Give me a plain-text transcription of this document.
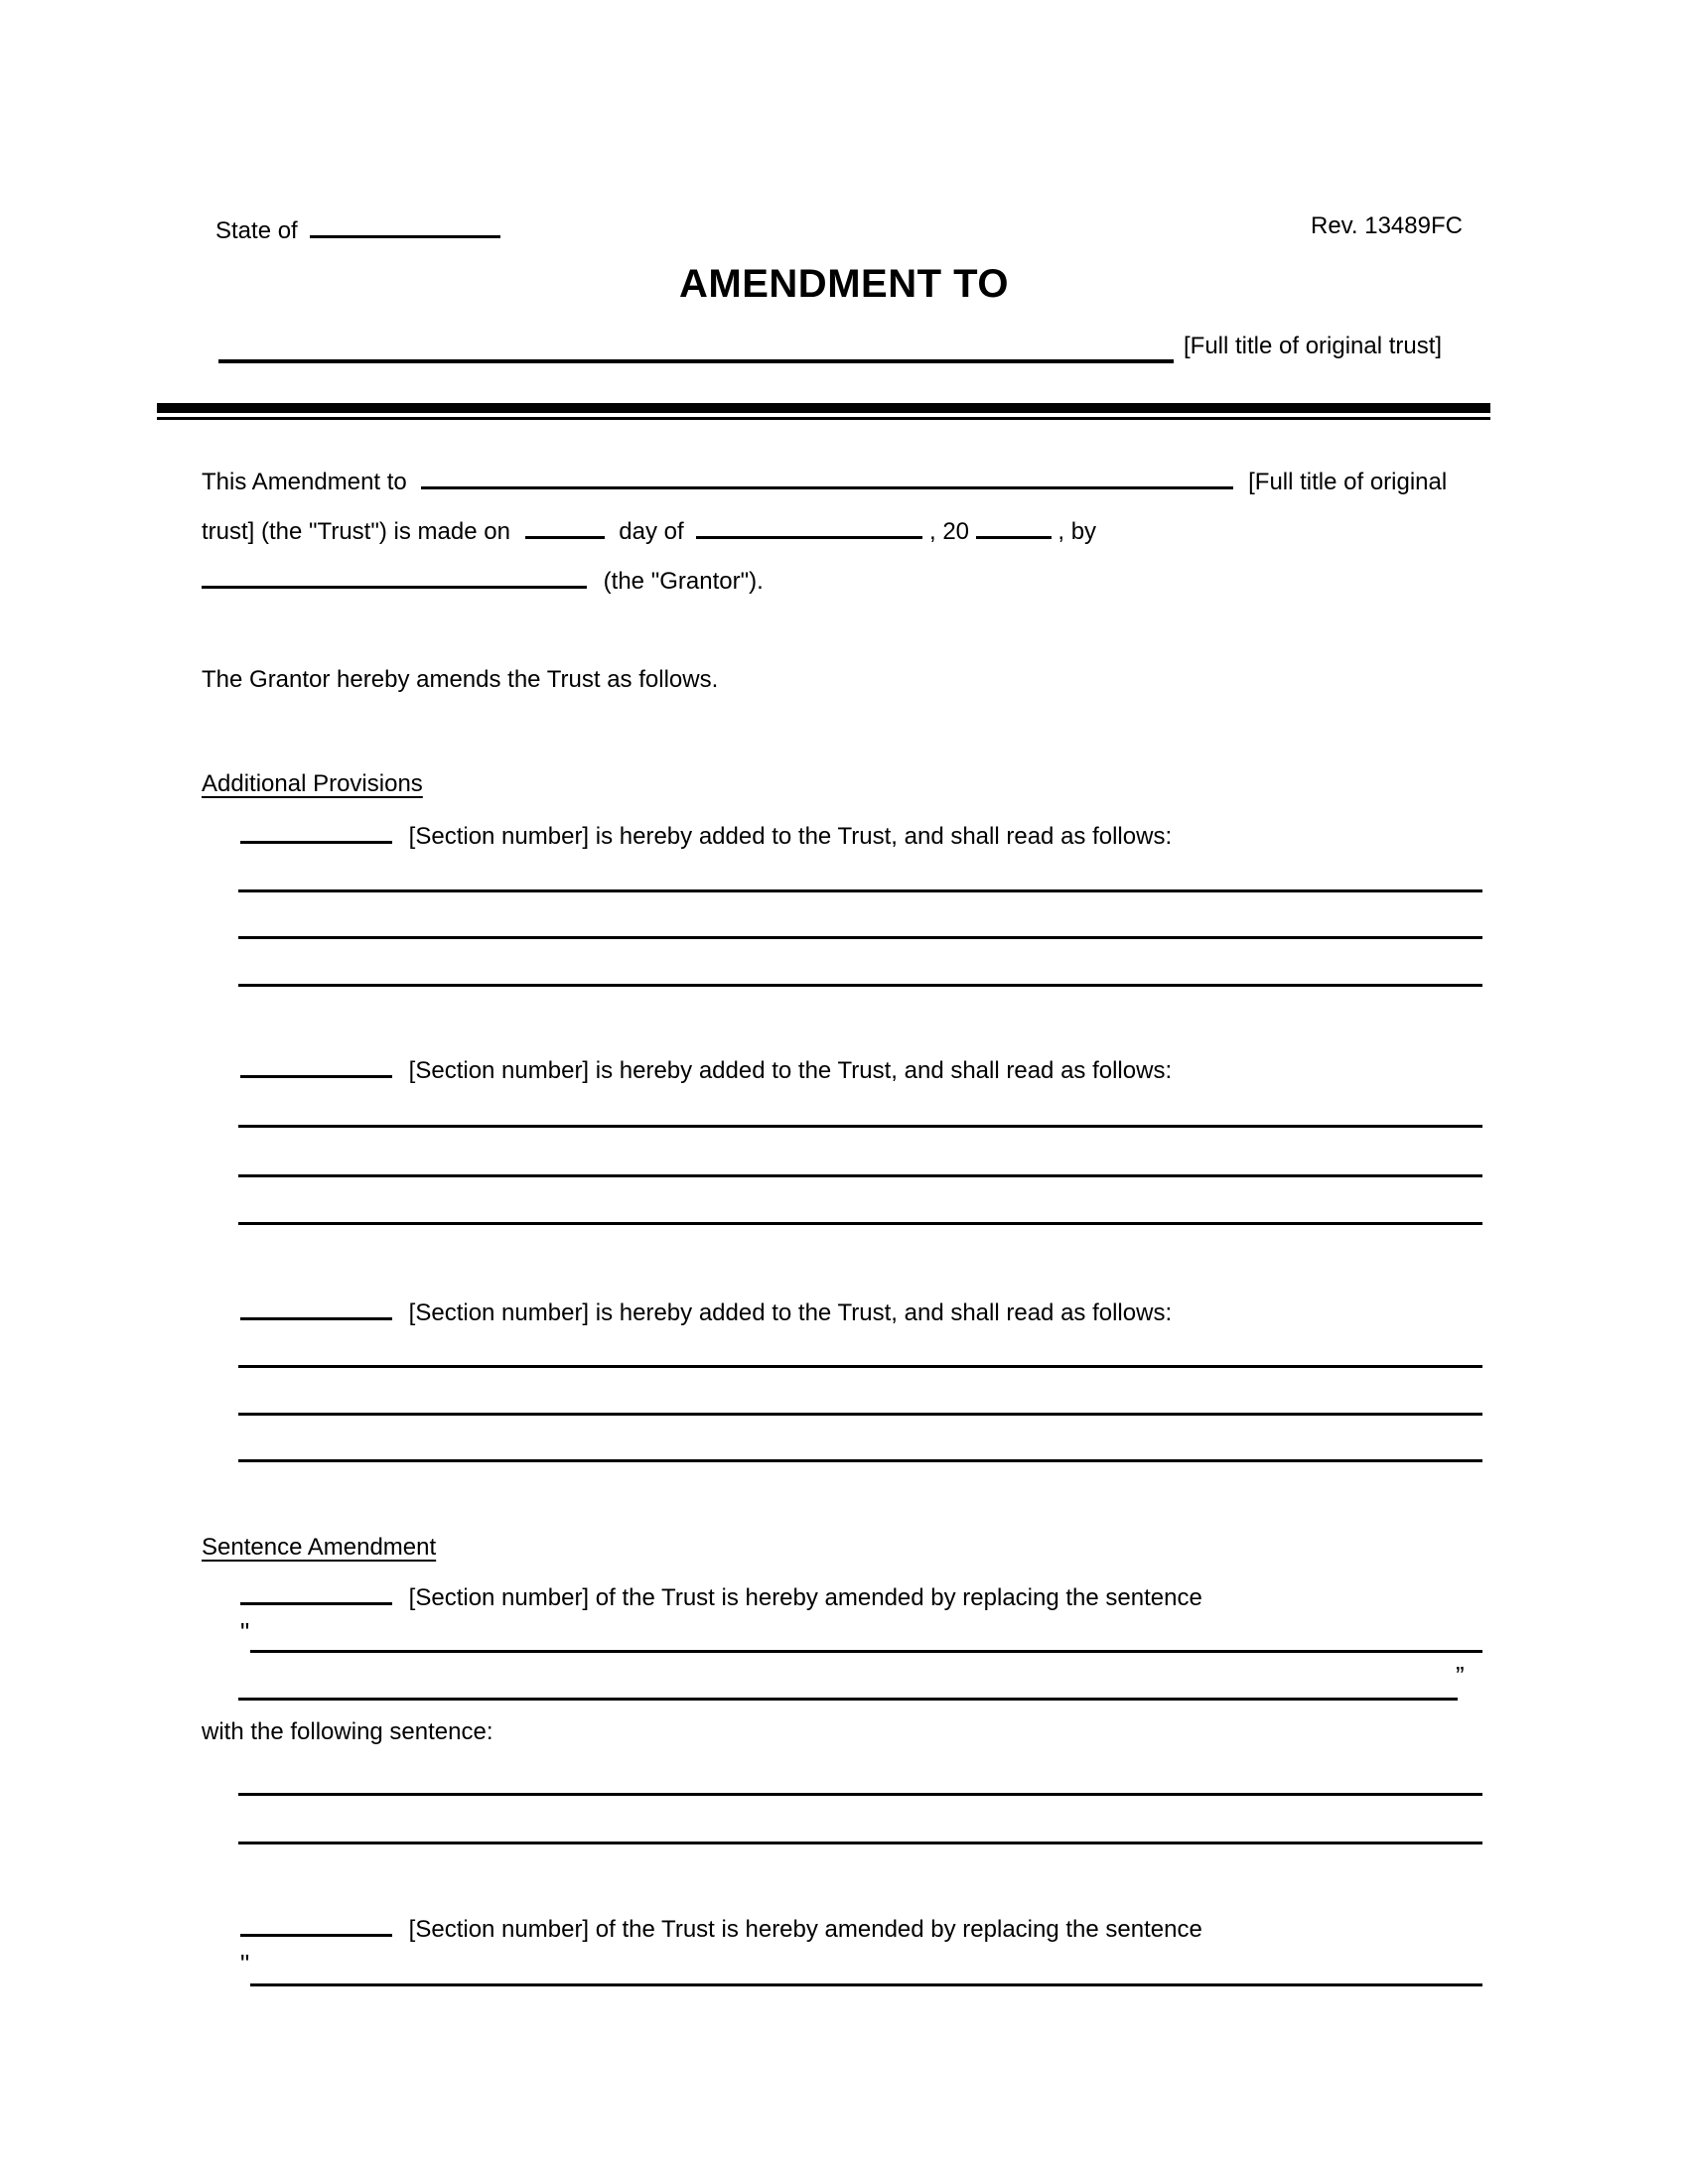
State of	Rev. 13489FC
AMENDMENT TO
[Full title of original trust]
This Amendment to	[Full title of original
trust] (the "Trust") is made on	day of	, 20	, by
(the "Grantor").
The Grantor hereby amends the Trust as follows.
Additional Provisions
[Section number] is hereby added to the Trust, and shall read as follows:
[Section number] is hereby added to the Trust, and shall read as follows:
[Section number] is hereby added to the Trust, and shall read as follows:
Sentence Amendment
[Section number] of the Trust is hereby amended by replacing the sentence
"
”
with the following sentence:
[Section number] of the Trust is hereby amended by replacing the sentence
"
